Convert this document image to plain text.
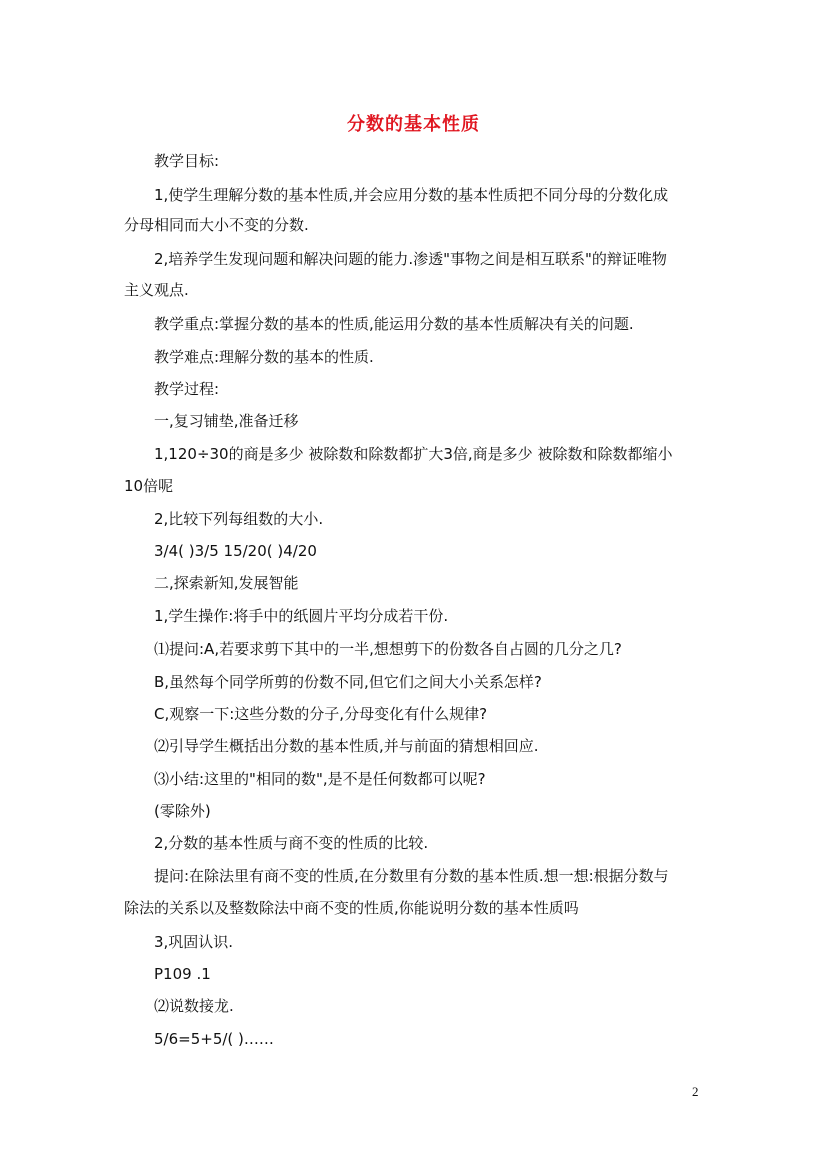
分数的基本性质
　　教学目标:
　　1,使学生理解分数的基本性质,并会应用分数的基本性质把不同分母的分数化成
分母相同而大小不变的分数.
　　2,培养学生发现问题和解决问题的能力.渗透"事物之间是相互联系"的辩证唯物
主义观点.
　　教学重点:掌握分数的基本的性质,能运用分数的基本性质解决有关的问题.
　　教学难点:理解分数的基本的性质.
　　教学过程:
　　一,复习铺垫,准备迁移
　　1,120÷30的商是多少 被除数和除数都扩大3倍,商是多少 被除数和除数都缩小
10倍呢
　　2,比较下列每组数的大小.
　　3/4( )3/5 15/20( )4/20
　　二,探索新知,发展智能
　　1,学生操作:将手中的纸圆片平均分成若干份.
　　⑴提问:A,若要求剪下其中的一半,想想剪下的份数各自占圆的几分之几?
　　B,虽然每个同学所剪的份数不同,但它们之间大小关系怎样?
　　C,观察一下:这些分数的分子,分母变化有什么规律?
　　⑵引导学生概括出分数的基本性质,并与前面的猜想相回应.
　　⑶小结:这里的"相同的数",是不是任何数都可以呢?
　　(零除外)
　　2,分数的基本性质与商不变的性质的比较.
　　提问:在除法里有商不变的性质,在分数里有分数的基本性质.想一想:根据分数与
除法的关系以及整数除法中商不变的性质,你能说明分数的基本性质吗
　　3,巩固认识.
　　P109 .1
　　⑵说数接龙.
　　5/6=5+5/( )……
2
